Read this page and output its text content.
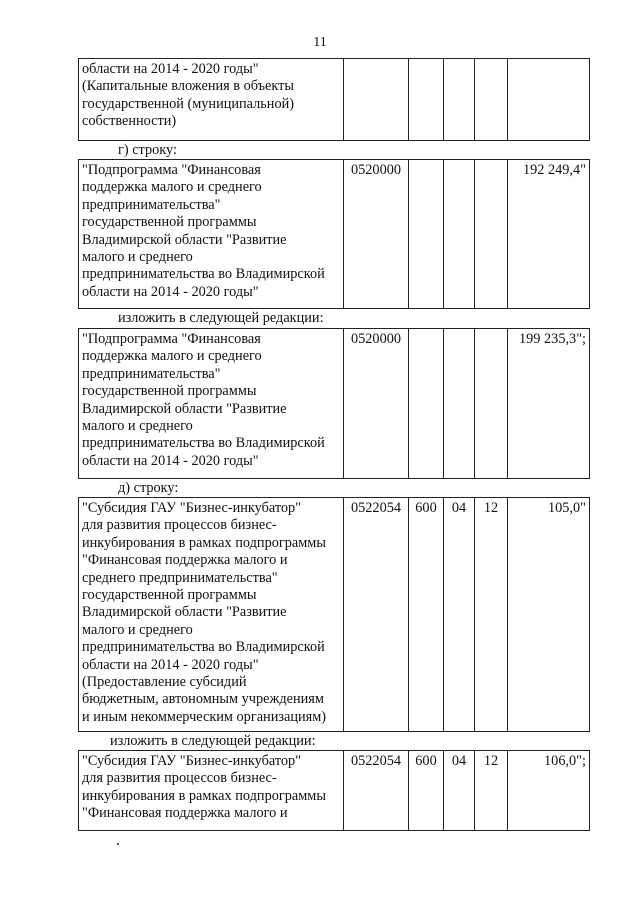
11
области на 2014 - 2020 годы"
(Капитальные вложения в объекты
государственной (муниципальной)
собственности)					
г) строку:
"Подпрограмма "Финансовая
поддержка малого и среднего
предпринимательства"
государственной программы
Владимирской области "Развитие
малого и среднего
предпринимательства во Владимирской
области на 2014 - 2020 годы"	0520000				192 249,4"
изложить в следующей редакции:
"Подпрограмма "Финансовая
поддержка малого и среднего
предпринимательства"
государственной программы
Владимирской области "Развитие
малого и среднего
предпринимательства во Владимирской
области на 2014 - 2020 годы"	0520000				199 235,3";
д) строку:
"Субсидия ГАУ "Бизнес-инкубатор"
для развития процессов бизнес-
инкубирования в рамках подпрограммы
"Финансовая поддержка малого и
среднего предпринимательства"
государственной программы
Владимирской области "Развитие
малого и среднего
предпринимательства во Владимирской
области на 2014 - 2020 годы"
(Предоставление субсидий
бюджетным, автономным учреждениям
и иным некоммерческим организациям)	0522054	600	04	12	105,0"
изложить в следующей редакции:
"Субсидия ГАУ "Бизнес-инкубатор"
для развития процессов бизнес-
инкубирования в рамках подпрограммы
"Финансовая поддержка малого и	0522054	600	04	12	106,0";
